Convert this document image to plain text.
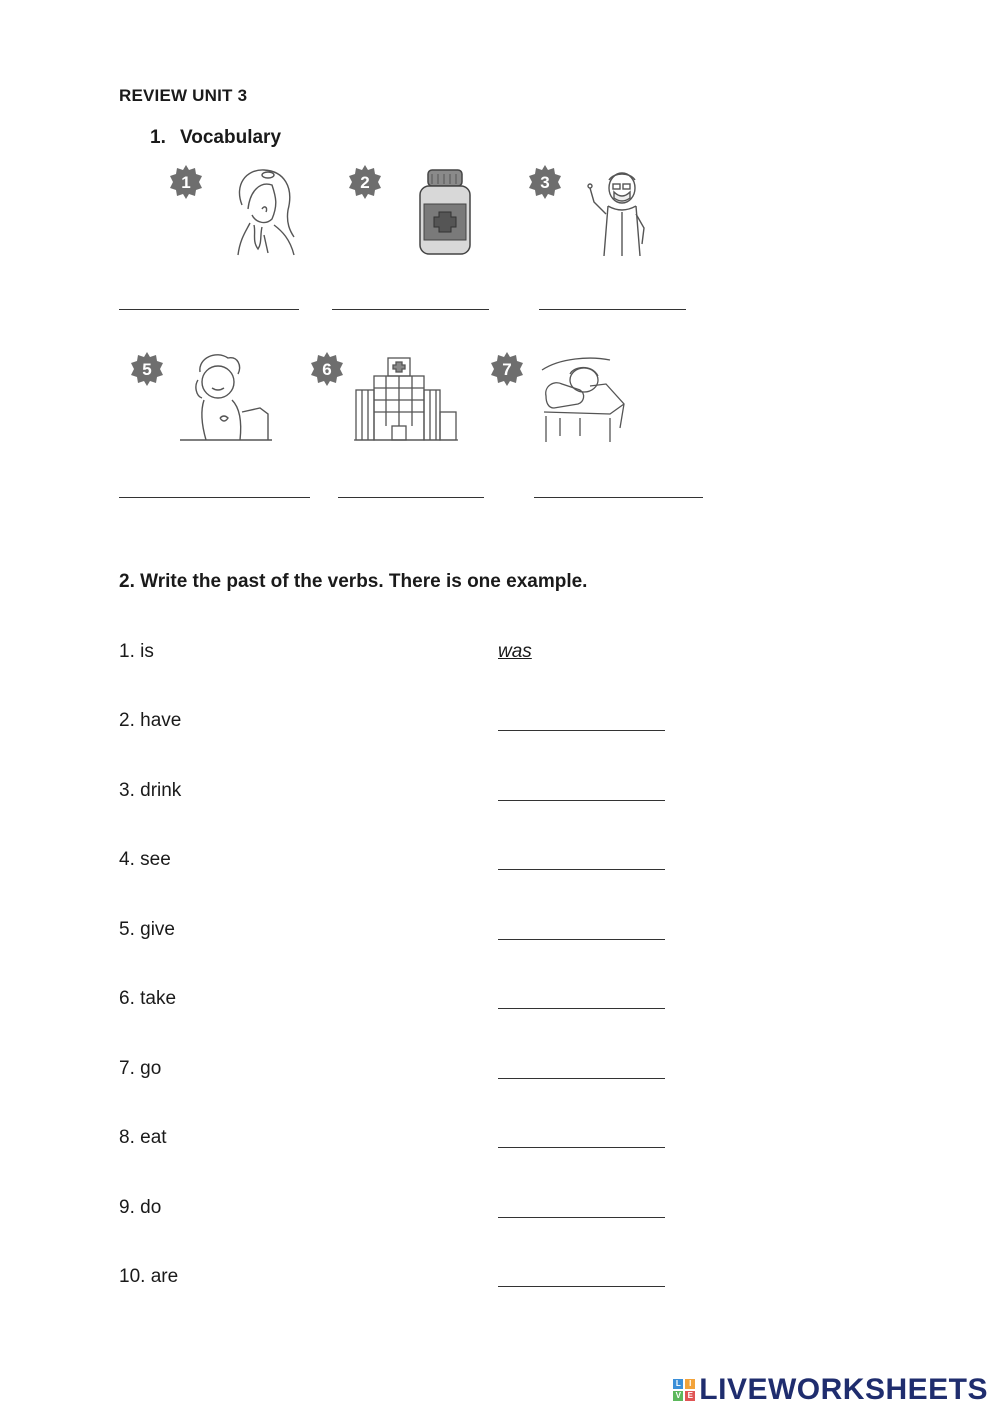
REVIEW UNIT 3
1. Vocabulary
1	2	3
5	6	7
2. Write the past of the verbs. There is one example.
1. is	was
2. have
3. drink
4. see
5. give
6. take
7. go
8. eat
9. do
10. are
L	I
V E LIVEWORKSHEETS
